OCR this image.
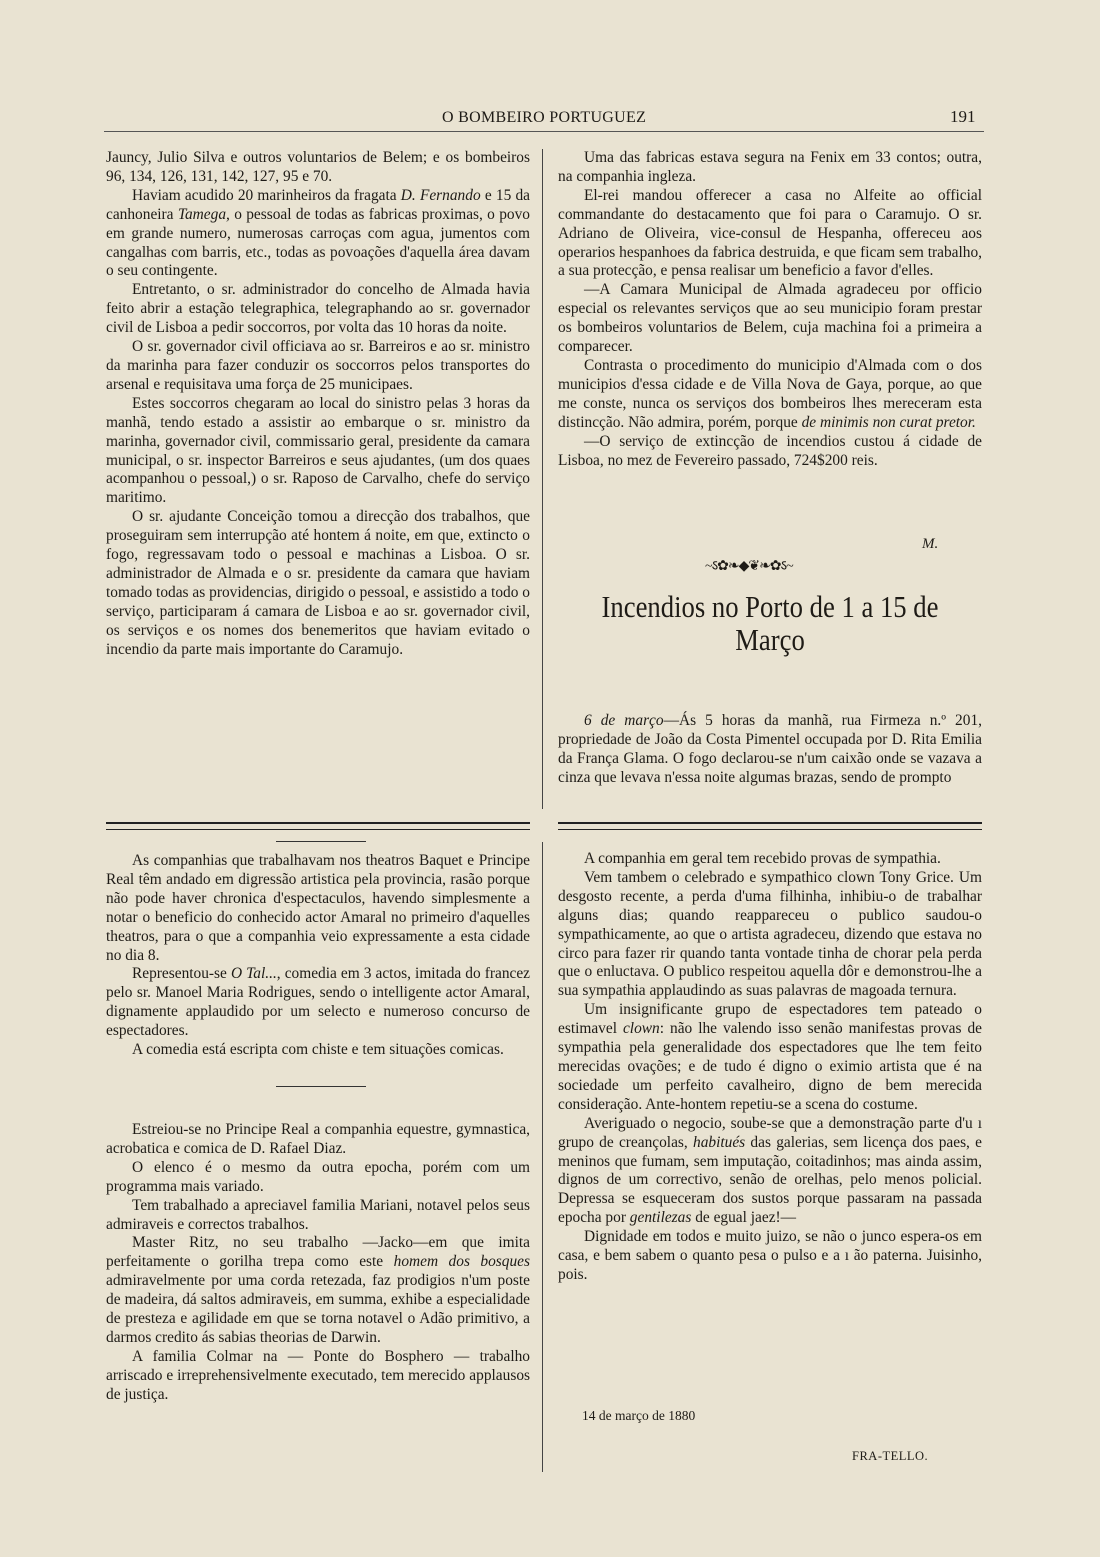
O BOMBEIRO PORTUGUEZ	191

Jauncy, Julio Silva e outros voluntarios de Belem; e os bombeiros 96, 134, 126, 131, 142, 127, 95 e 70.

Haviam acudido 20 marinheiros da fragata D. Fernando e 15 da canhoneira Tamega, o pessoal de todas as fabricas proximas, o povo em grande numero, numerosas carroças com agua, jumentos com cangalhas com barris, etc., todas as povoações d'aquella área davam o seu contingente.

Entretanto, o sr. administrador do concelho de Almada havia feito abrir a estação telegraphica, telegraphando ao sr. governador civil de Lisboa a pedir soccorros, por volta das 10 horas da noite.

O sr. governador civil officiava ao sr. Barreiros e ao sr. ministro da marinha para fazer conduzir os soccorros pelos transportes do arsenal e requisitava uma força de 25 municipaes.

Estes soccorros chegaram ao local do sinistro pelas 3 horas da manhã, tendo estado a assistir ao embarque o sr. ministro da marinha, governador civil, commissario geral, presidente da camara municipal, o sr. inspector Barreiros e seus ajudantes, (um dos quaes acompanhou o pessoal,) o sr. Raposo de Carvalho, chefe do serviço maritimo.

O sr. ajudante Conceição tomou a direcção dos trabalhos, que proseguiram sem interrupção até hontem á noite, em que, extincto o fogo, regressavam todo o pessoal e machinas a Lisboa. O sr. administrador de Almada e o sr. presidente da camara que haviam tomado todas as providencias, dirigido o pessoal, e assistido a todo o serviço, participaram á camara de Lisboa e ao sr. governador civil, os serviços e os nomes dos benemeritos que haviam evitado o incendio da parte mais importante do Caramujo.

Uma das fabricas estava segura na Fenix em 33 contos; outra, na companhia ingleza.

El-rei mandou offerecer a casa no Alfeite ao official commandante do destacamento que foi para o Caramujo. O sr. Adriano de Oliveira, vice-consul de Hespanha, offereceu aos operarios hespanhoes da fabrica destruida, e que ficam sem trabalho, a sua protecção, e pensa realisar um beneficio a favor d'elles.

—A Camara Municipal de Almada agradeceu por officio especial os relevantes serviços que ao seu municipio foram prestar os bombeiros voluntarios de Belem, cuja machina foi a primeira a comparecer.

Contrasta o procedimento do municipio d'Almada com o dos municipios d'essa cidade e de Villa Nova de Gaya, porque, ao que me conste, nunca os serviços dos bombeiros lhes mereceram esta distincção. Não admira, porém, porque de minimis non curat pretor.

—O serviço de extincção de incendios custou á cidade de Lisboa, no mez de Fevereiro passado, 724$200 reis.

M.
~ऽ✿❧◆❦❧✿ऽ~
Incendios no Porto de 1 a 15 de Março

6 de março—Ás 5 horas da manhã, rua Firmeza n.º 201, propriedade de João da Costa Pimentel occupada por D. Rita Emilia da França Glama. O fogo declarou-se n'um caixão onde se vazava a cinza que levava n'essa noite algumas brazas, sendo de prompto

As companhias que trabalhavam nos theatros Baquet e Principe Real têm andado em digressão artistica pela provincia, rasão porque não pode haver chronica d'espectaculos, havendo simplesmente a notar o beneficio do conhecido actor Amaral no primeiro d'aquelles theatros, para o que a companhia veio expressamente a esta cidade no dia 8.

Representou-se O Tal..., comedia em 3 actos, imitada do francez pelo sr. Manoel Maria Rodrigues, sendo o intelligente actor Amaral, dignamente applaudido por um selecto e numeroso concurso de espectadores.

A comedia está escripta com chiste e tem situações comicas.

Estreiou-se no Principe Real a companhia equestre, gymnastica, acrobatica e comica de D. Rafael Diaz.

O elenco é o mesmo da outra epocha, porém com um programma mais variado.

Tem trabalhado a apreciavel familia Mariani, notavel pelos seus admiraveis e correctos trabalhos.

Master Ritz, no seu trabalho —Jacko—em que imita perfeitamente o gorilha trepa como este homem dos bosques admiravelmente por uma corda retezada, faz prodigios n'um poste de madeira, dá saltos admiraveis, em summa, exhibe a especialidade de presteza e agilidade em que se torna notavel o Adão primitivo, a darmos credito ás sabias theorias de Darwin.

A familia Colmar na — Ponte do Bosphero — trabalho arriscado e irreprehensivelmente executado, tem merecido applausos de justiça.

A companhia em geral tem recebido provas de sympathia.

Vem tambem o celebrado e sympathico clown Tony Grice. Um desgosto recente, a perda d'uma filhinha, inhibiu-o de trabalhar alguns dias; quando reappareceu o publico saudou-o sympathicamente, ao que o artista agradeceu, dizendo que estava no circo para fazer rir quando tanta vontade tinha de chorar pela perda que o enluctava. O publico respeitou aquella dôr e demonstrou-lhe a sua sympathia applaudindo as suas palavras de magoada ternura.

Um insignificante grupo de espectadores tem pateado o estimavel clown: não lhe valendo isso senão manifestas provas de sympathia pela generalidade dos espectadores que lhe tem feito merecidas ovações; e de tudo é digno o eximio artista que é na sociedade um perfeito cavalheiro, digno de bem merecida consideração. Ante-hontem repetiu-se a scena do costume.

Averiguado o negocio, soube-se que a demonstração parte d'u ı grupo de creançolas, habitués das galerias, sem licença dos paes, e meninos que fumam, sem imputação, coitadinhos; mas ainda assim, dignos de um correctivo, senão de orelhas, pelo menos policial. Depressa se esqueceram dos sustos porque passaram na passada epocha por gentilezas de egual jaez!—

Dignidade em todos e muito juizo, se não o junco espera-os em casa, e bem sabem o quanto pesa o pulso e a ı ão paterna. Juisinho, pois.

14 de março de 1880
FRA-TELLO.
